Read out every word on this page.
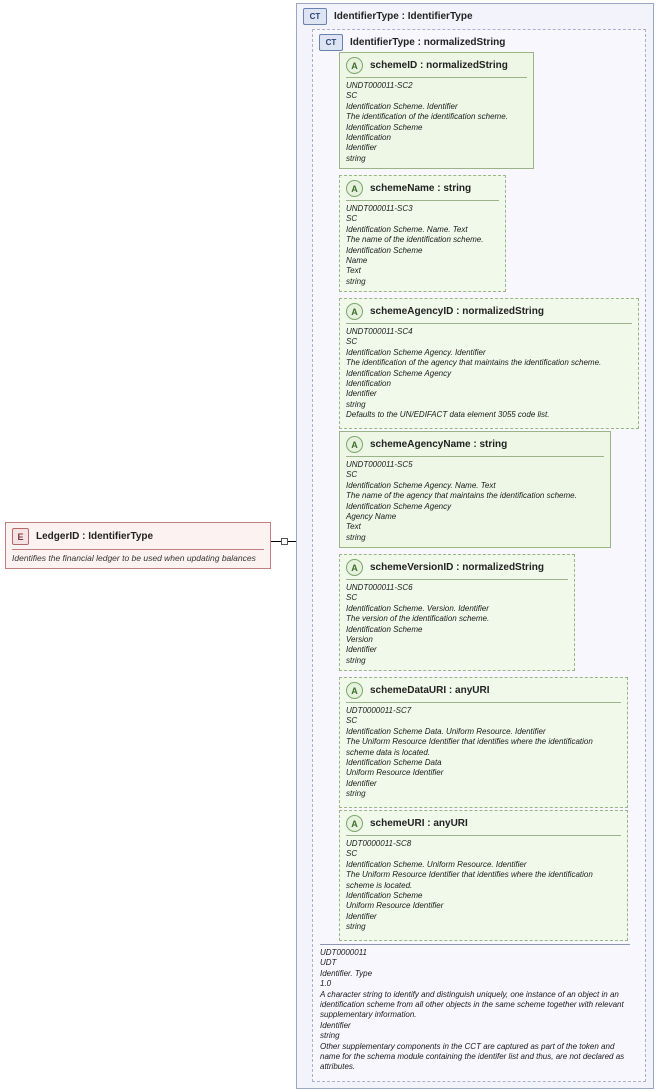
E	LedgerID : IdentifierType
Identifies the financial ledger to be used when updating balances
CT	IdentifierType : IdentifierType
CT	IdentifierType : normalizedString
A	schemeID : normalizedString
UNDT000011-SC2
SC
Identification Scheme. Identifier
The identification of the identification scheme.
Identification Scheme
Identification
Identifier
string
A	schemeName : string
UNDT000011-SC3
SC
Identification Scheme. Name. Text
The name of the identification scheme.
Identification Scheme
Name
Text
string
A	schemeAgencyID : normalizedString
UNDT000011-SC4
SC
Identification Scheme Agency. Identifier
The identification of the agency that maintains the identification scheme.
Identification Scheme Agency
Identification
Identifier
string
Defaults to the UN/EDIFACT data element 3055 code list.
A	schemeAgencyName : string
UNDT000011-SC5
SC
Identification Scheme Agency. Name. Text
The name of the agency that maintains the identification scheme.
Identification Scheme Agency
Agency Name
Text
string
A	schemeVersionID : normalizedString
UNDT000011-SC6
SC
Identification Scheme. Version. Identifier
The version of the identification scheme.
Identification Scheme
Version
Identifier
string
A	schemeDataURI : anyURI
UDT0000011-SC7
SC
Identification Scheme Data. Uniform Resource. Identifier
The Uniform Resource Identifier that identifies where the identification scheme data is located.
Identification Scheme Data
Uniform Resource Identifier
Identifier
string
A	schemeURI : anyURI
UDT0000011-SC8
SC
Identification Scheme. Uniform Resource. Identifier
The Uniform Resource Identifier that identifies where the identification scheme is located.
Identification Scheme
Uniform Resource Identifier
Identifier
string
UDT0000011
UDT
Identifier. Type
1.0
A character string to identify and distinguish uniquely, one instance of an object in an identification scheme from all other objects in the same scheme together with relevant supplementary information.
Identifier
string
Other supplementary components in the CCT are captured as part of the token and name for the schema module containing the identifer list and thus, are not declared as attributes.
